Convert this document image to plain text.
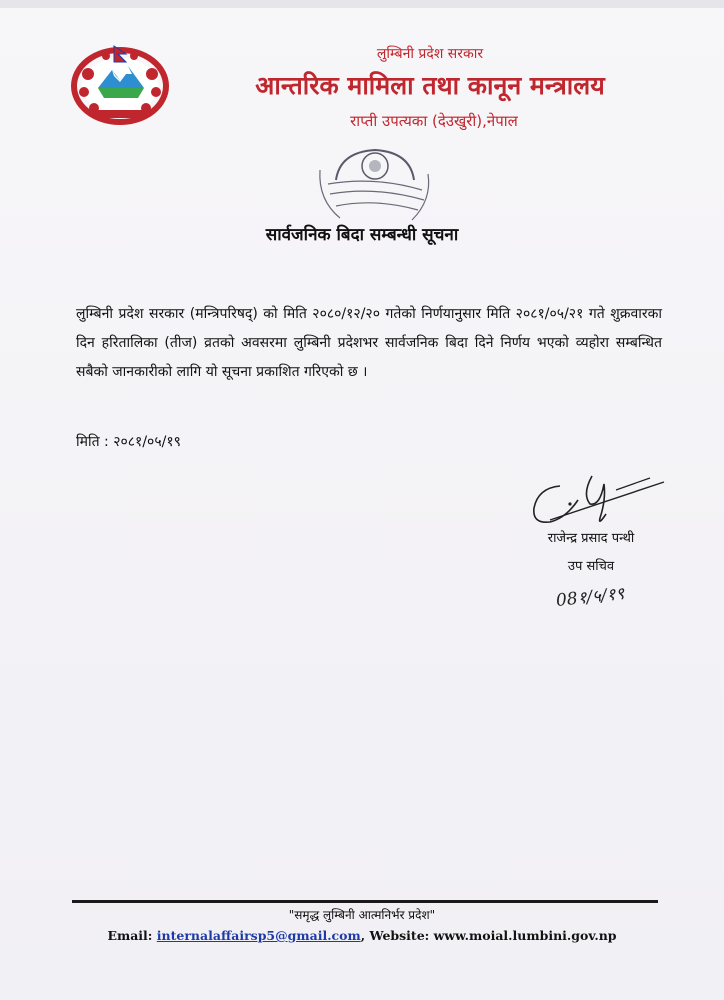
लुम्बिनी प्रदेश सरकार
आन्तरिक मामिला तथा कानून मन्त्रालय
राप्ती उपत्यका (देउखुरी),नेपाल
सार्वजनिक बिदा सम्बन्धी सूचना
लुम्बिनी प्रदेश सरकार (मन्त्रिपरिषद्) को मिति २०८०/१२/२० गतेको निर्णयानुसार मिति २०८१/०५/२१ गते शुक्रवारका दिन हरितालिका (तीज) व्रतको अवसरमा लुम्बिनी प्रदेशभर सार्वजनिक बिदा दिने निर्णय भएको व्यहोरा सम्बन्धित सबैको जानकारीको लागि यो सूचना प्रकाशित गरिएको छ ।
मिति : २०८१/०५/१९
राजेन्द्र प्रसाद पन्थी
उप सचिव
08१/५/१९
"समृद्ध लुम्बिनी आत्मनिर्भर प्रदेश"
Email: internalaffairsp5@gmail.com, Website: www.moial.lumbini.gov.np
